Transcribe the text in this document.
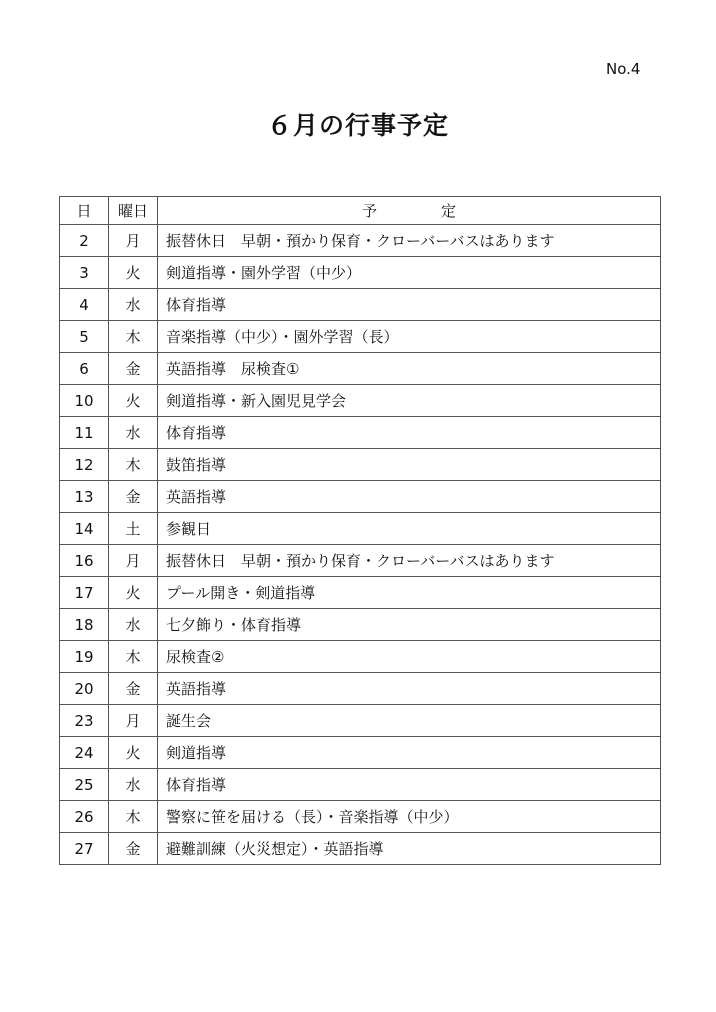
No.4
６月の行事予定
日	曜日	予 定
2	月	振替休日　早朝・預かり保育・クローバーバスはあります
3	火	剣道指導・園外学習（中少）
4	水	体育指導
5	木	音楽指導（中少）・園外学習（長）
6	金	英語指導　尿検査①
10	火	剣道指導・新入園児見学会
11	水	体育指導
12	木	鼓笛指導
13	金	英語指導
14	土	参観日
16	月	振替休日　早朝・預かり保育・クローバーバスはあります
17	火	プール開き・剣道指導
18	水	七夕飾り・体育指導
19	木	尿検査②
20	金	英語指導
23	月	誕生会
24	火	剣道指導
25	水	体育指導
26	木	警察に笹を届ける（長）・音楽指導（中少）
27	金	避難訓練（火災想定）・英語指導
